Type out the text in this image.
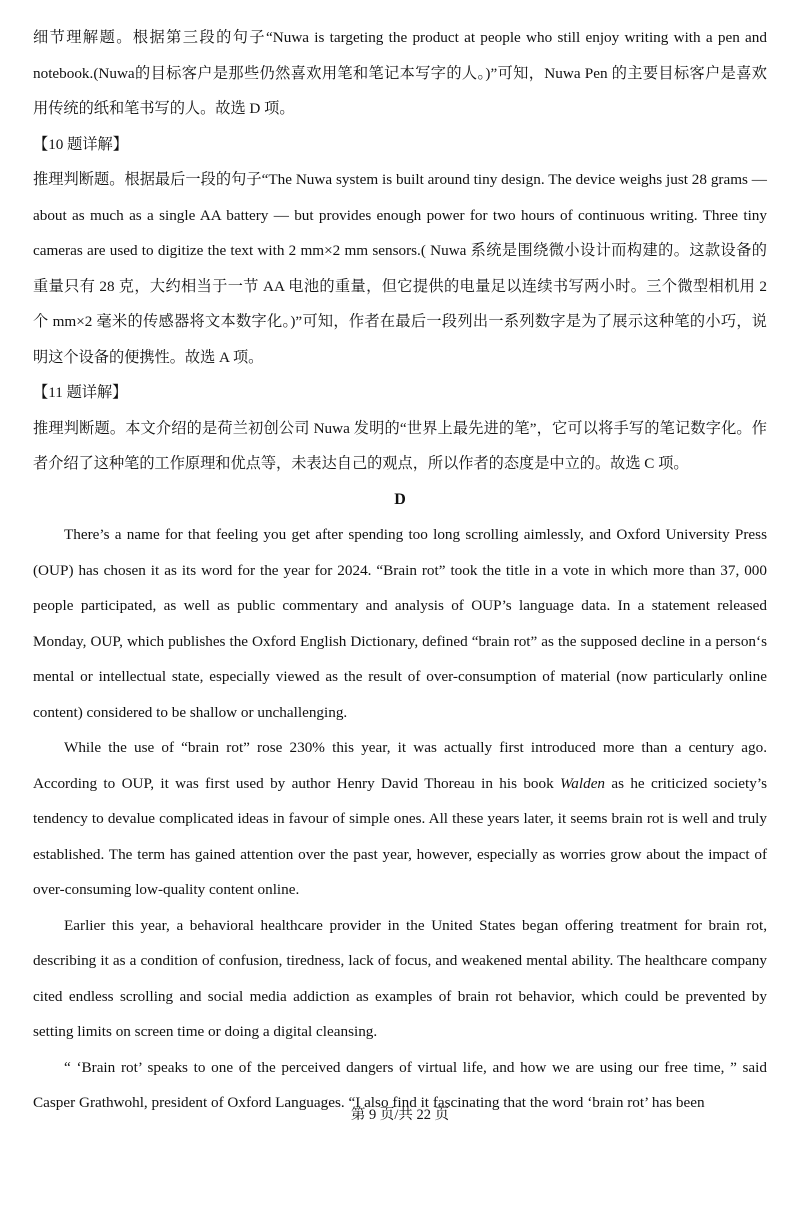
细节理解题。根据第三段的句子“Nuwa is targeting the product at people who still enjoy writing with a pen and notebook.(Nuwa的目标客户是那些仍然喜欢用笔和笔记本写字的人。)”可知，Nuwa Pen 的主要目标客户是喜欢用传统的纸和笔书写的人。故选 D 项。

【10 题详解】

推理判断题。根据最后一段的句子“The Nuwa system is built around tiny design. The device weighs just 28 grams — about as much as a single AA battery — but provides enough power for two hours of continuous writing. Three tiny cameras are used to digitize the text with 2 mm×2 mm sensors.( Nuwa 系统是围绕微小设计而构建的。这款设备的重量只有 28 克，大约相当于一节 AA 电池的重量，但它提供的电量足以连续书写两小时。三个微型相机用 2 个 mm×2 毫米的传感器将文本数字化。)”可知，作者在最后一段列出一系列数字是为了展示这种笔的小巧，说明这个设备的便携性。故选 A 项。

【11 题详解】

推理判断题。本文介绍的是荷兰初创公司 Nuwa 发明的“世界上最先进的笔”，它可以将手写的笔记数字化。作者介绍了这种笔的工作原理和优点等，未表达自己的观点，所以作者的态度是中立的。故选 C 项。

D

There’s a name for that feeling you get after spending too long scrolling aimlessly, and Oxford University Press (OUP) has chosen it as its word for the year for 2024. “Brain rot” took the title in a vote in which more than 37, 000 people participated, as well as public commentary and analysis of OUP’s language data. In a statement released Monday, OUP, which publishes the Oxford English Dictionary, defined “brain rot” as the supposed decline in a person‘s mental or intellectual state, especially viewed as the result of over-consumption of material (now particularly online content) considered to be shallow or unchallenging.

While the use of “brain rot” rose 230% this year, it was actually first introduced more than a century ago. According to OUP, it was first used by author Henry David Thoreau in his book Walden as he criticized society’s tendency to devalue complicated ideas in favour of simple ones. All these years later, it seems brain rot is well and truly established. The term has gained attention over the past year, however, especially as worries grow about the impact of over-consuming low-quality content online.

Earlier this year, a behavioral healthcare provider in the United States began offering treatment for brain rot, describing it as a condition of confusion, tiredness, lack of focus, and weakened mental ability. The healthcare company cited endless scrolling and social media addiction as examples of brain rot behavior, which could be prevented by setting limits on screen time or doing a digital cleansing.

“ ‘Brain rot’ speaks to one of the perceived dangers of virtual life, and how we are using our free time, ” said Casper Grathwohl, president of Oxford Languages. “I also find it fascinating that the word ‘brain rot’ has been

第 9 页/共 22 页
